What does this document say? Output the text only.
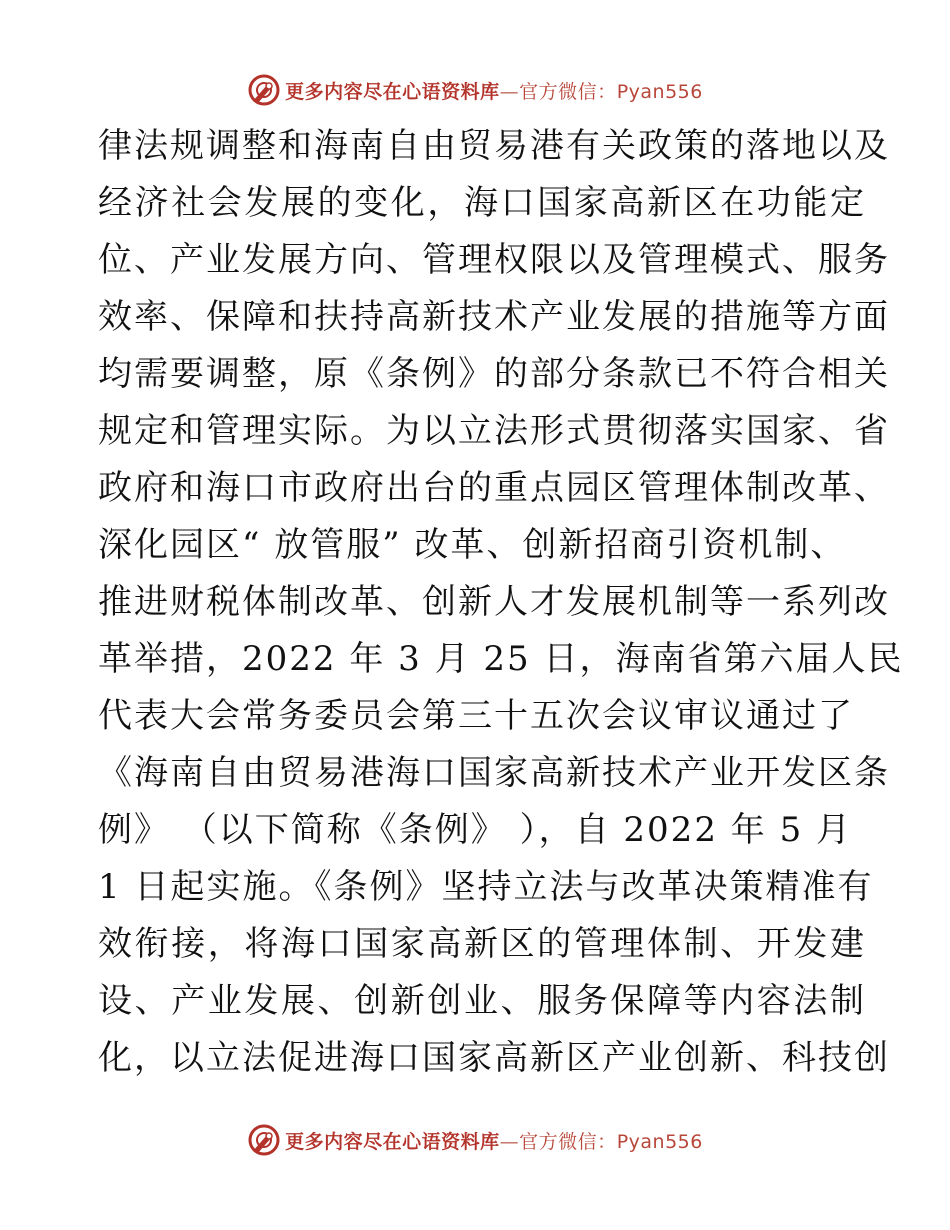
更多内容尽在心语资料库—官方微信：Pyan556
律法规调整和海南自由贸易港有关政策的落地以及
经济社会发展的变化，海口国家高新区在功能定
位、产业发展方向、管理权限以及管理模式、服务
效率、保障和扶持高新技术产业发展的措施等方面
均需要调整，原《条例》的部分条款已不符合相关
规定和管理实际。为以立法形式贯彻落实国家、省
政府和海口市政府出台的重点园区管理体制改革、
深化园区“ 放管服” 改革、创新招商引资机制、
推进财税体制改革、创新人才发展机制等一系列改
革举措，2022 年 3 月 25 日，海南省第六届人民
代表大会常务委员会第三十五次会议审议通过了
《海南自由贸易港海口国家高新技术产业开发区条
例》 （以下简称《条例》 ），自 2022 年 5 月
1 日起实施。《条例》坚持立法与改革决策精准有
效衔接，将海口国家高新区的管理体制、开发建
设、产业发展、创新创业、服务保障等内容法制
化，以立法促进海口国家高新区产业创新、科技创
更多内容尽在心语资料库—官方微信：Pyan556
